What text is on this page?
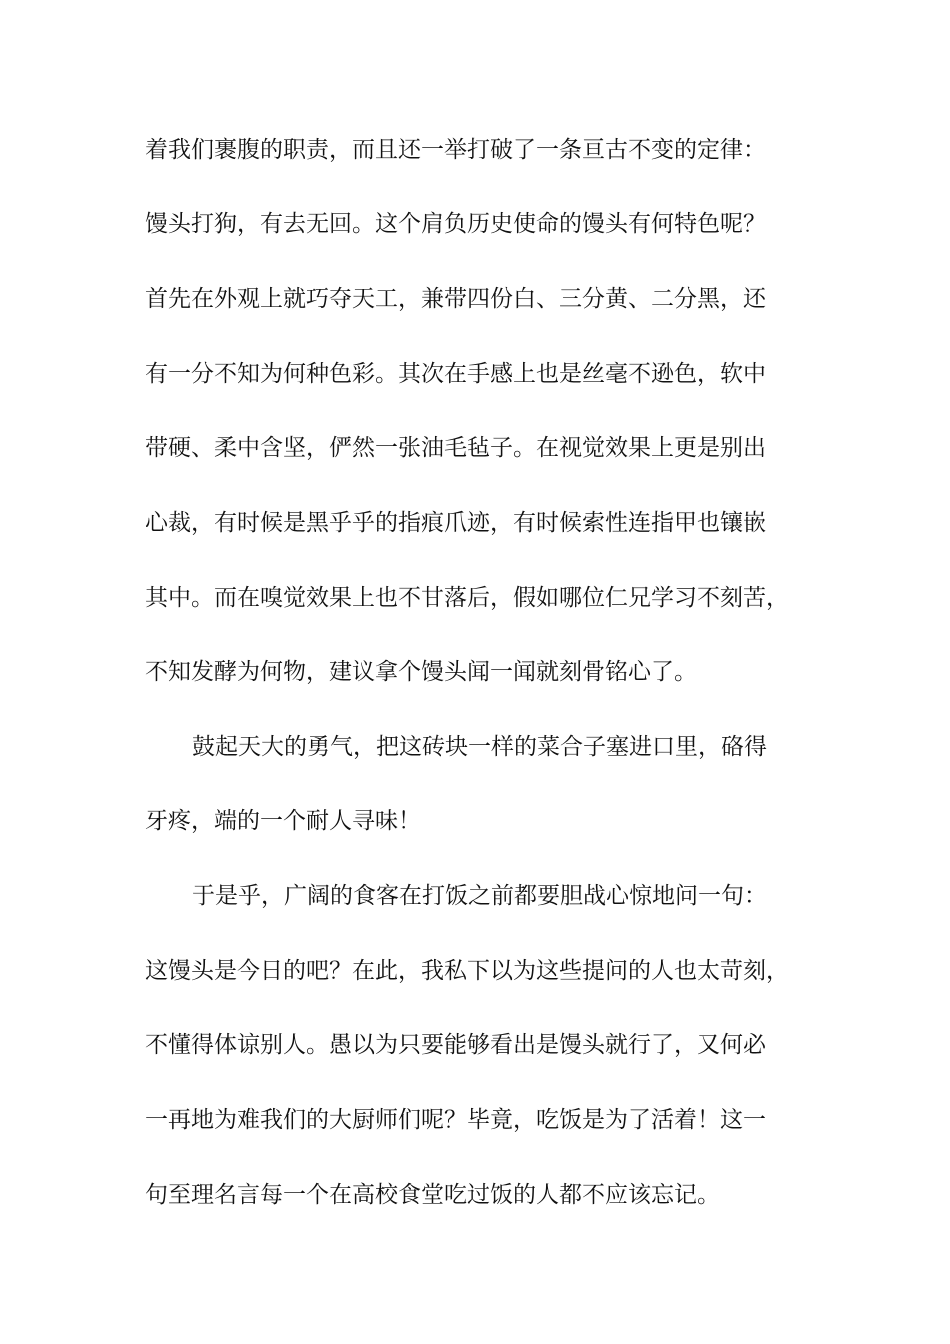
着我们裹腹的职责，而且还一举打破了一条亘古不变的定律：
馒头打狗，有去无回。这个肩负历史使命的馒头有何特色呢？
首先在外观上就巧夺天工，兼带四份白、三分黄、二分黑，还
有一分不知为何种色彩。其次在手感上也是丝毫不逊色，软中
带硬、柔中含坚，俨然一张油毛毡子。在视觉效果上更是别出
心裁，有时候是黑乎乎的指痕爪迹，有时候索性连指甲也镶嵌
其中。而在嗅觉效果上也不甘落后，假如哪位仁兄学习不刻苦，
不知发酵为何物，建议拿个馒头闻一闻就刻骨铭心了。
鼓起天大的勇气，把这砖块一样的菜合子塞进口里，硌得
牙疼，端的一个耐人寻味！
于是乎，广阔的食客在打饭之前都要胆战心惊地问一句：
这馒头是今日的吧？在此，我私下以为这些提问的人也太苛刻，
不懂得体谅别人。愚以为只要能够看出是馒头就行了，又何必
一再地为难我们的大厨师们呢？毕竟，吃饭是为了活着！这一
句至理名言每一个在高校食堂吃过饭的人都不应该忘记。
